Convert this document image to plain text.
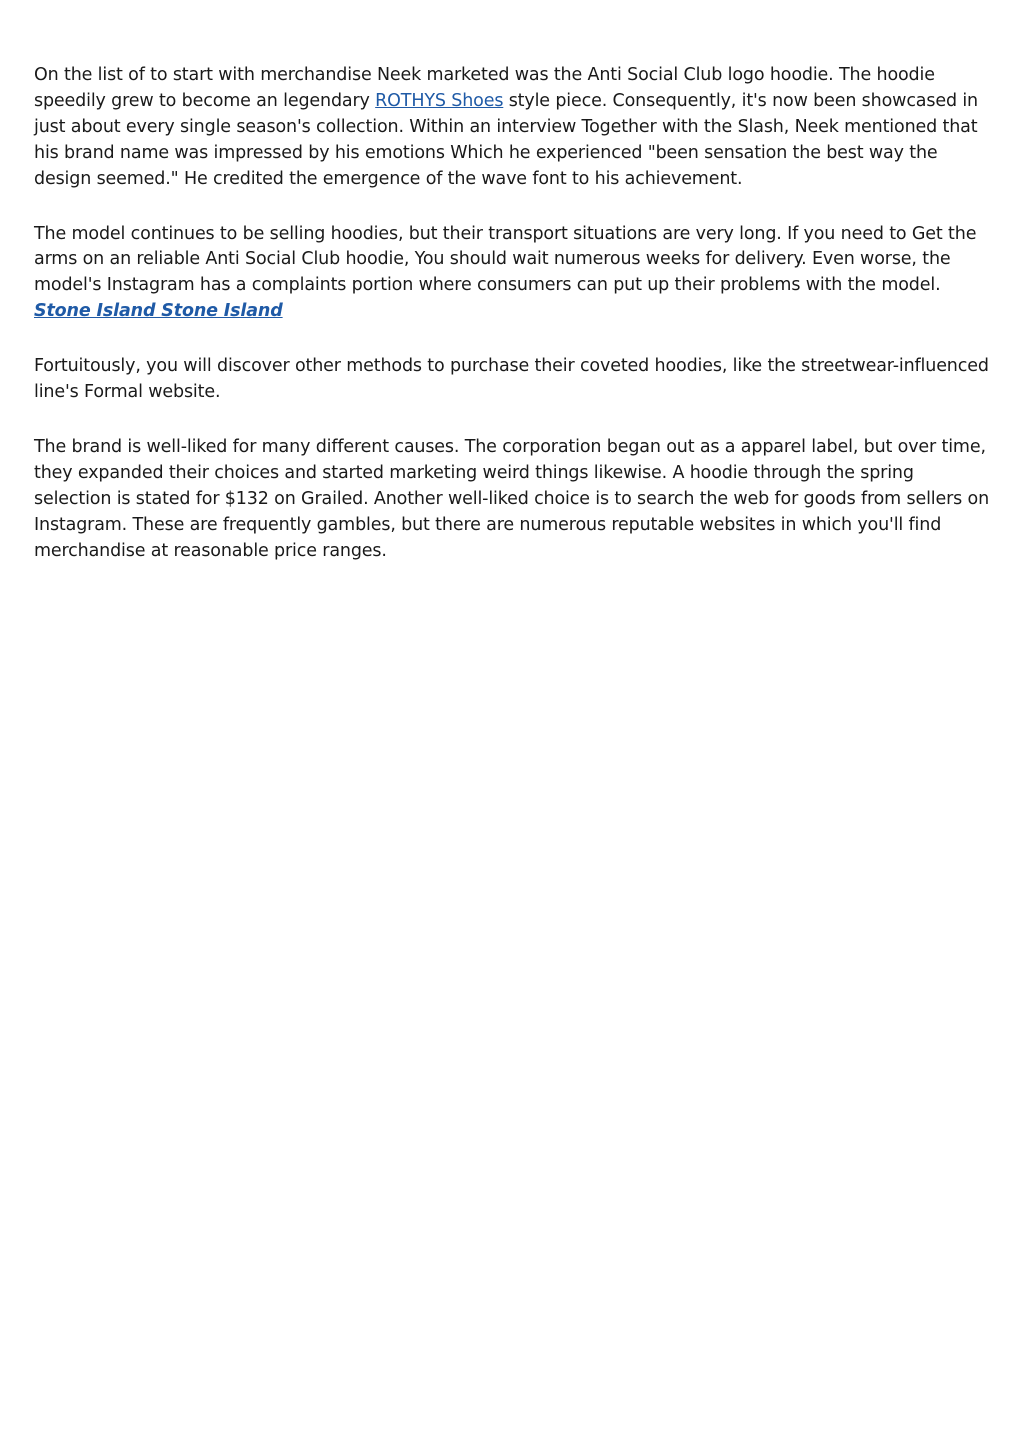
On the list of to start with merchandise Neek marketed was the Anti Social Club logo hoodie. The hoodie speedily grew to become an legendary ROTHYS Shoes style piece. Consequently, it's now been showcased in just about every single season's collection. Within an interview Together with the Slash, Neek mentioned that his brand name was impressed by his emotions Which he experienced "been sensation the best way the design seemed." He credited the emergence of the wave font to his achievement.

The model continues to be selling hoodies, but their transport situations are very long. If you need to Get the arms on an reliable Anti Social Club hoodie, You should wait numerous weeks for delivery. Even worse, the model's Instagram has a complaints portion where consumers can put up their problems with the model. Stone Island Stone Island

Fortuitously, you will discover other methods to purchase their coveted hoodies, like the streetwear-influenced line's Formal website.

The brand is well-liked for many different causes. The corporation began out as a apparel label, but over time, they expanded their choices and started marketing weird things likewise. A hoodie through the spring selection is stated for $132 on Grailed. Another well-liked choice is to search the web for goods from sellers on Instagram. These are frequently gambles, but there are numerous reputable websites in which you'll find merchandise at reasonable price ranges.
